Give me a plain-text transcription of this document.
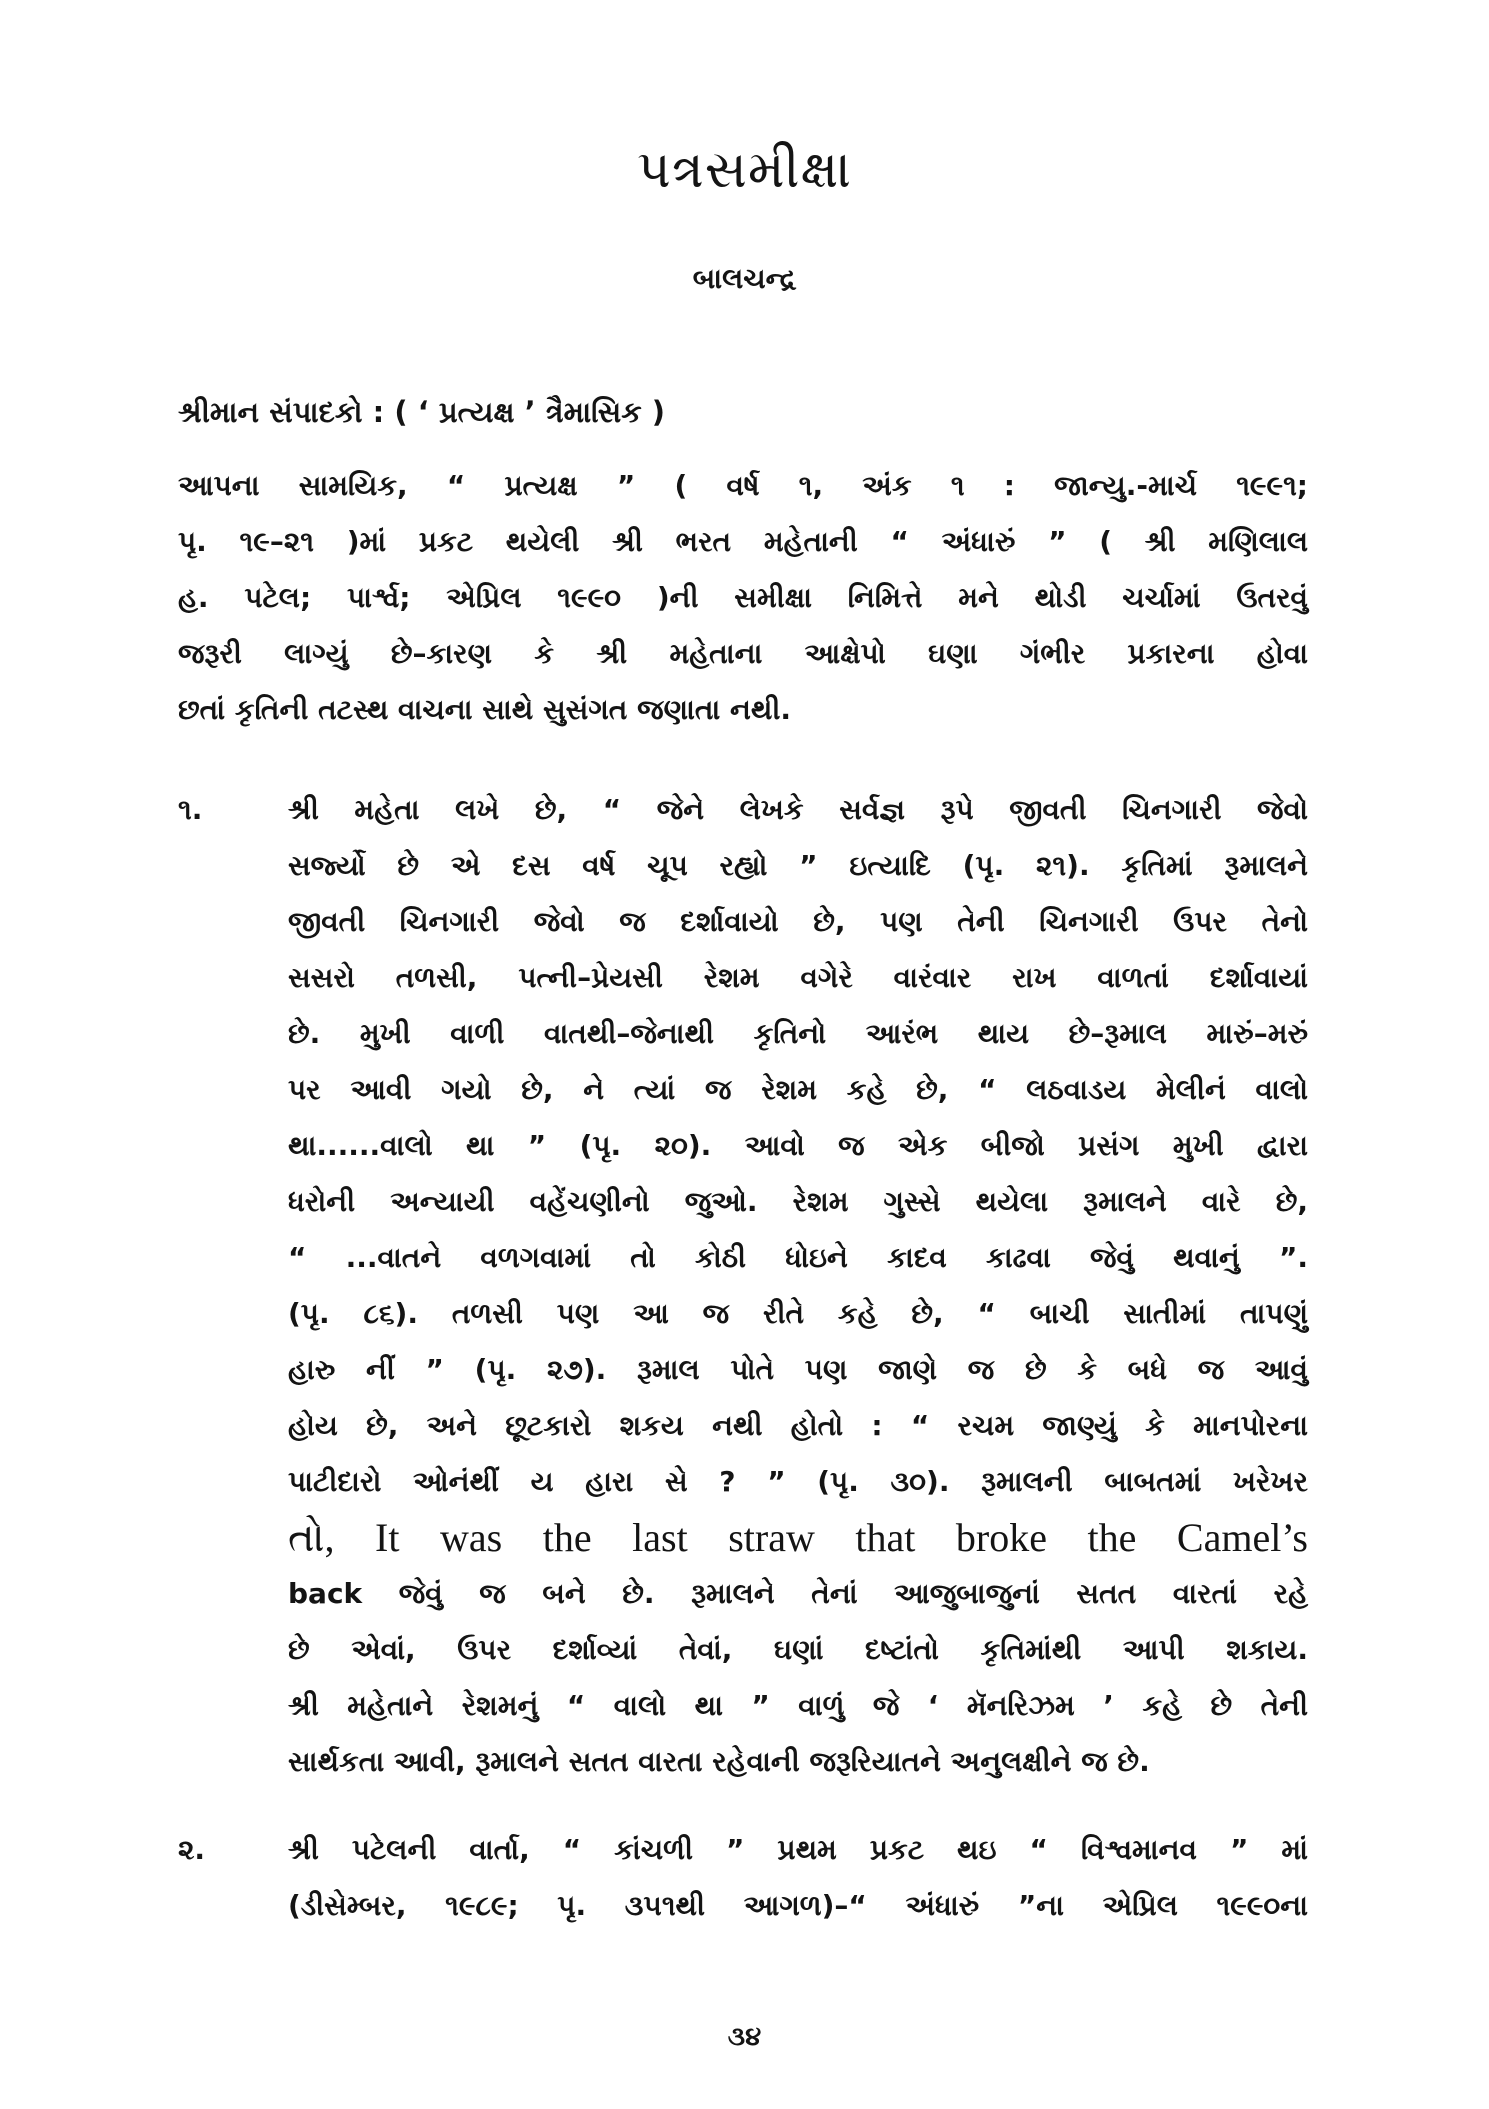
પત્રસમીક્ષા
બાલચન્દ્ર
શ્રીમાન સંપાદકો : ( ‘ પ્રત્યક્ષ ’ ત્રૈમાસિક )
આપના સામયિક, “ પ્રત્યક્ષ ” ( વર્ષ ૧, અંક ૧ : જાન્યુ.-માર્ચ ૧૯૯૧;
પૃ. ૧૯–૨૧ )માં પ્રકટ થયેલી શ્રી ભરત મહેતાની “ અંધારું ” ( શ્રી મણિલાલ
હ. પટેલ; પાર્શ્વ; એપ્રિલ ૧૯૯૦ )ની સમીક્ષા નિમિત્તે મને થોડી ચર્ચામાં ઉતરવું
જરૂરી લાગ્યું છે–કારણ કે શ્રી મહેતાના આક્ષેપો ઘણા ગંભીર પ્રકારના હોવા
છતાં કૃતિની તટસ્થ વાચના સાથે સુસંગત જણાતા નથી.
૧.	શ્રી મહેતા લખે છે, “ જેને લેખકે સર્વજ્ઞ રૂપે જીવતી ચિનગારી જેવો
સર્જ્યો છે એ દસ વર્ષ ચૂપ રહ્યો ” ઇત્યાદિ (પૃ. ૨૧). કૃતિમાં રૂમાલને
જીવતી ચિનગારી જેવો જ દર્શાવાયો છે, પણ તેની ચિનગારી ઉપર તેનો
સસરો તળસી, પત્ની–પ્રેયસી રેશમ વગેરે વારંવાર રાખ વાળતાં દર્શાવાયાં
છે. મુખી વાળી વાતથી–જેનાથી કૃતિનો આરંભ થાય છે–રૂમાલ મારું–મરું
પર આવી ગયો છે, ને ત્યાં જ રેશમ કહે છે, “ લઠવાડય મેલીનં વાલો
થા......વાલો થા ” (પૃ. ૨૦). આવો જ એક બીજો પ્રસંગ મુખી દ્વારા
ધરોની અન્યાયી વહેંચણીનો જુઓ. રેશમ ગુસ્સે થયેલા રૂમાલને વારે છે,
“ ...વાતને વળગવામાં તો કોઠી ધોઇને કાદવ કાઢવા જેવું થવાનું ”.
(પૃ. ૮૬). તળસી પણ આ જ રીતે કહે છે, “ બાચી સાતીમાં તાપણું
હારુ નીં ” (પૃ. ૨૭). રૂમાલ પોતે પણ જાણે જ છે કે બધે જ આવું
હોય છે, અને છૂટકારો શકય નથી હોતો : “ રચમ જાણ્યું કે માનપોરના
પાટીદારો ઓનંથીં ય હારા સે ? ” (પૃ. ૩૦). રૂમાલની બાબતમાં ખરેખર
તો, It was the last straw that broke the Camel’s
back જેવું જ બને છે. રૂમાલને તેનાં આજુબાજુનાં સતત વારતાં રહે
છે એવાં, ઉપર દર્શાવ્યાં તેવાં, ઘણાં દષ્ટાંતો કૃતિમાંથી આપી શકાય.
શ્રી મહેતાને રેશમનું “ વાલો થા ” વાળું જે ‘ મૅનરિઝમ ’ કહે છે તેની
સાર્થકતા આવી, રૂમાલને સતત વારતા રહેવાની જરૂરિયાતને અનુલક્ષીને જ છે.
૨.	શ્રી પટેલની વાર્તા, “ કાંચળી ” પ્રથમ પ્રકટ થઇ “ વિશ્વમાનવ ” માં
(ડીસેમ્બર, ૧૯૮૯; પૃ. ૩૫૧થી આગળ)–“ અંધારું ”ના એપ્રિલ ૧૯૯૦ના
૩૪
